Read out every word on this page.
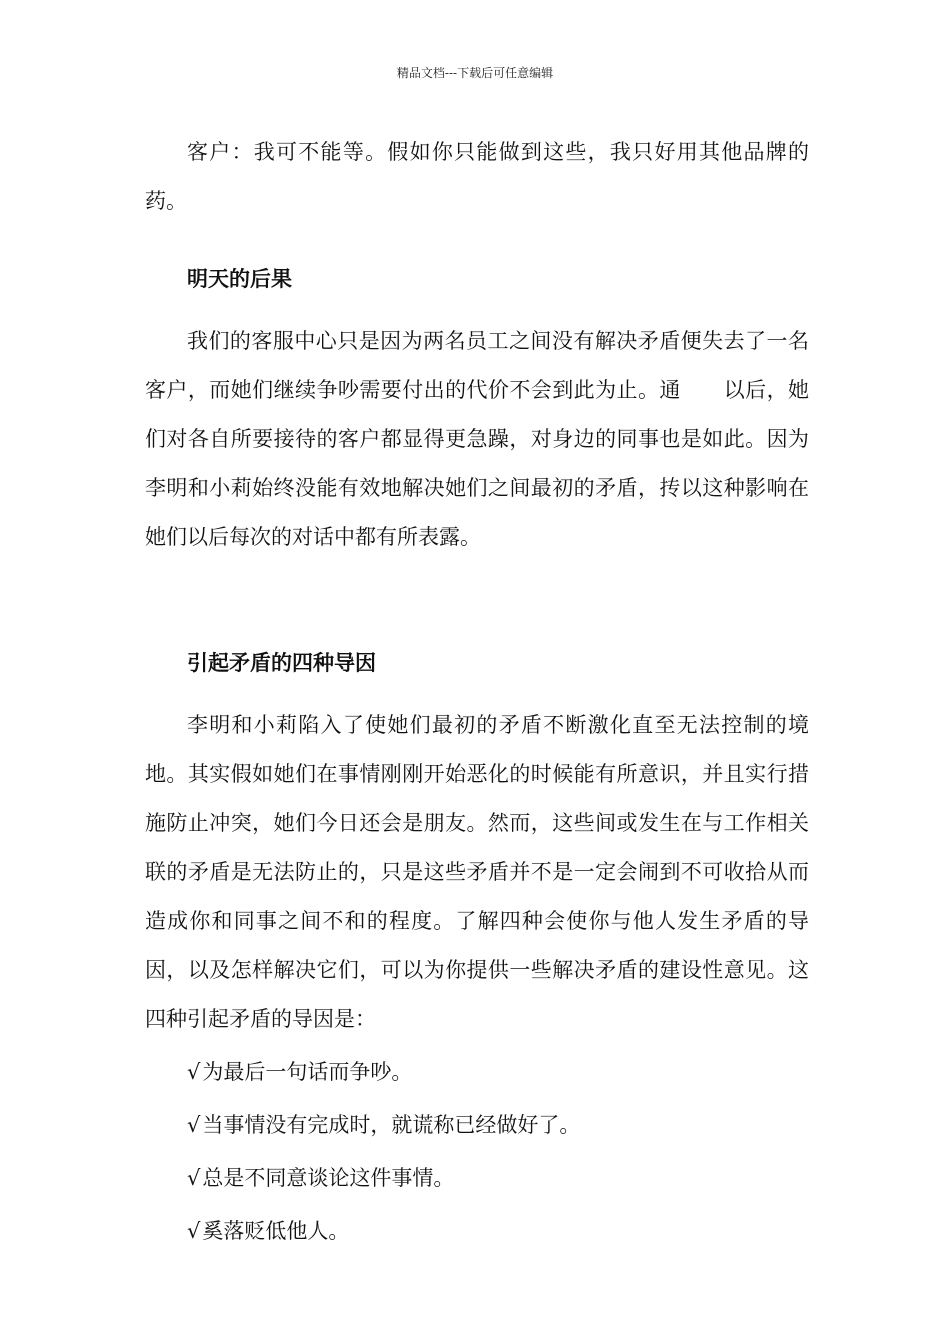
精品文档---下载后可任意编辑

客户：我可不能等。假如你只能做到这些，我只好用其他品牌的药。

明天的后果

我们的客服中心只是因为两名员工之间没有解决矛盾便失去了一名客户，而她们继续争吵需要付出的代价不会到此为止。通　　以后，她们对各自所要接待的客户都显得更急躁，对身边的同事也是如此。因为李明和小莉始终没能有效地解决她们之间最初的矛盾，抟以这种影响在她们以后每次的对话中都有所表露。

引起矛盾的四种导因

李明和小莉陷入了使她们最初的矛盾不断激化直至无法控制的境地。其实假如她们在事情刚刚开始恶化的时候能有所意识，并且实行措施防止冲突，她们今日还会是朋友。然而，这些间或发生在与工作相关联的矛盾是无法防止的，只是这些矛盾并不是一定会闹到不可收拾从而造成你和同事之间不和的程度。了解四种会使你与他人发生矛盾的导因，以及怎样解决它们，可以为你提供一些解决矛盾的建设性意见。这四种引起矛盾的导因是：

√为最后一句话而争吵。

√当事情没有完成时，就谎称已经做好了。

√总是不同意谈论这件事情。

√奚落贬低他人。
